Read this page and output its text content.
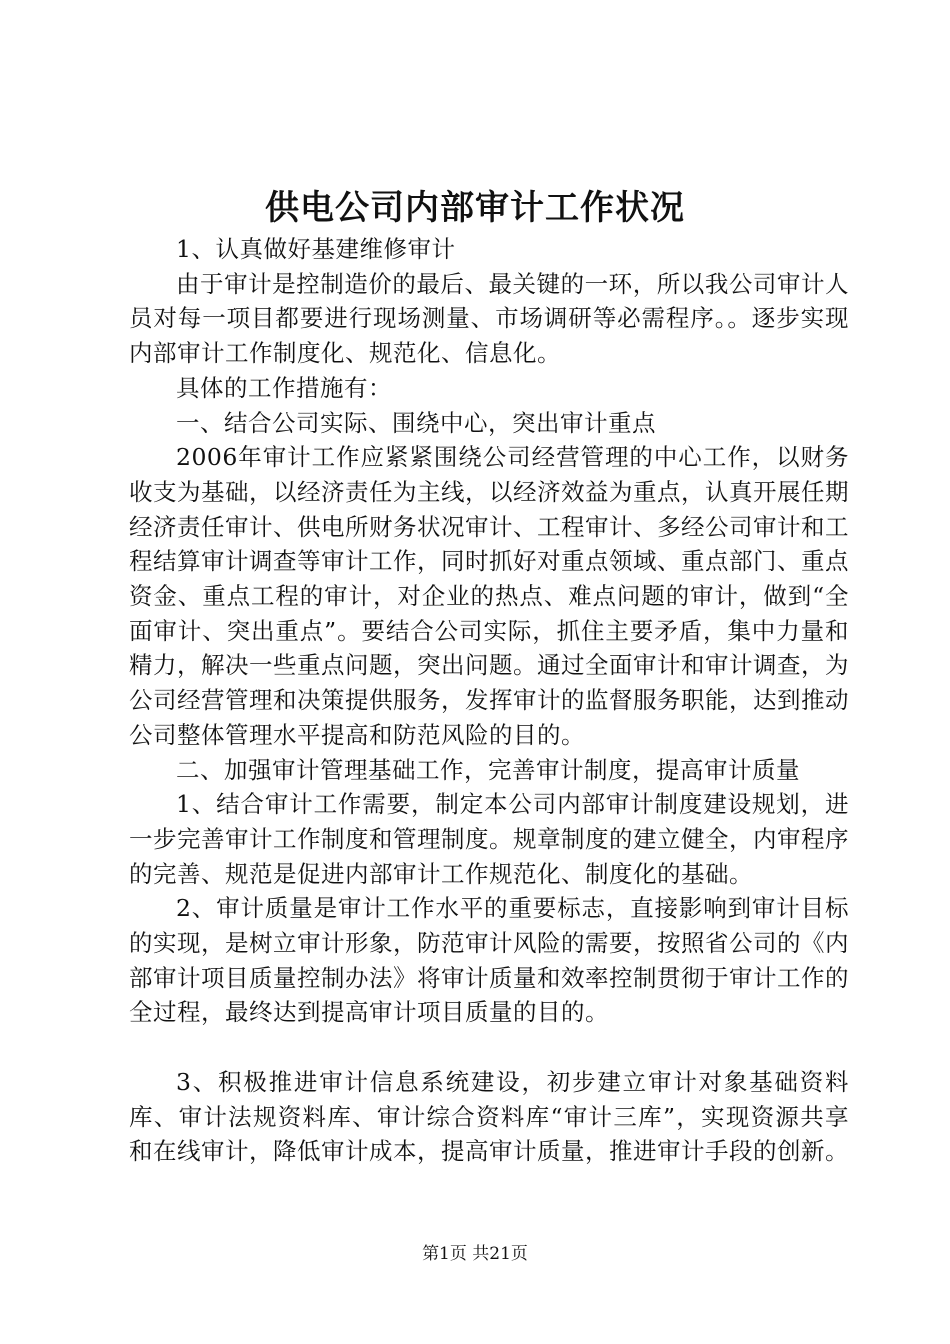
供电公司内部审计工作状况

1、认真做好基建维修审计

由于审计是控制造价的最后、最关键的一环，所以我公司审计人员对每一项目都要进行现场测量、市场调研等必需程序。。逐步实现内部审计工作制度化、规范化、信息化。

具体的工作措施有：

一、结合公司实际、围绕中心，突出审计重点

2006年审计工作应紧紧围绕公司经营管理的中心工作，以财务收支为基础，以经济责任为主线，以经济效益为重点，认真开展任期经济责任审计、供电所财务状况审计、工程审计、多经公司审计和工程结算审计调查等审计工作，同时抓好对重点领域、重点部门、重点资金、重点工程的审计，对企业的热点、难点问题的审计，做到“全面审计、突出重点”。要结合公司实际，抓住主要矛盾，集中力量和精力，解决一些重点问题，突出问题。通过全面审计和审计调查，为公司经营管理和决策提供服务，发挥审计的监督服务职能，达到推动公司整体管理水平提高和防范风险的目的。

二、加强审计管理基础工作，完善审计制度，提高审计质量

1、结合审计工作需要，制定本公司内部审计制度建设规划，进一步完善审计工作制度和管理制度。规章制度的建立健全，内审程序的完善、规范是促进内部审计工作规范化、制度化的基础。

2、审计质量是审计工作水平的重要标志，直接影响到审计目标的实现，是树立审计形象，防范审计风险的需要，按照省公司的《内部审计项目质量控制办法》将审计质量和效率控制贯彻于审计工作的全过程，最终达到提高审计项目质量的目的。

3、积极推进审计信息系统建设，初步建立审计对象基础资料库、审计法规资料库、审计综合资料库“审计三库”，实现资源共享和在线审计，降低审计成本，提高审计质量，推进审计手段的创新。

第1页 共21页
